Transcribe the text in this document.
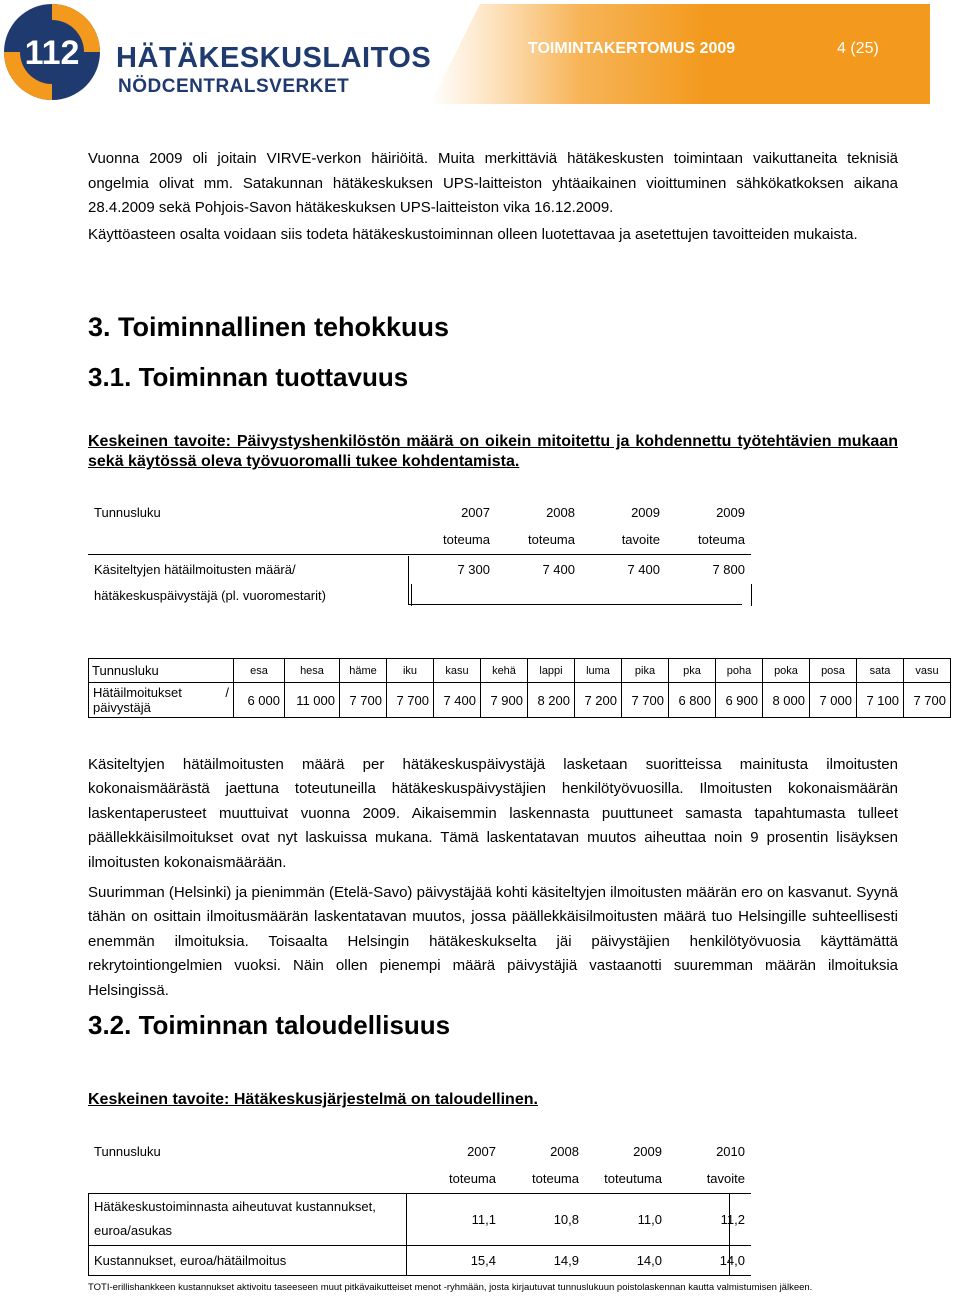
112 HÄTÄKESKUSLAITOS
NÖDCENTRALSVERKET
TOIMINTAKERTOMUS 2009	4 (25)

Vuonna 2009 oli joitain VIRVE-verkon häiriöitä. Muita merkittäviä hätäkeskusten toimintaan vaikuttaneita teknisiä ongelmia olivat mm. Satakunnan hätäkeskuksen UPS-laitteiston yhtäaikainen vioittuminen sähkökatkoksen aikana 28.4.2009 sekä Pohjois-Savon hätäkeskuksen UPS-laitteiston vika 16.12.2009.

Käyttöasteen osalta voidaan siis todeta hätäkeskustoiminnan olleen luotettavaa ja asetettujen tavoitteiden mukaista.

3. Toiminnallinen tehokkuus
3.1. Toiminnan tuottavuus

Keskeinen tavoite: Päivystyshenkilöstön määrä on oikein mitoitettu ja kohdennettu työtehtävien mukaan sekä käytössä oleva työvuoromalli tukee kohdentamista.

Tunnusluku	2007	2008	2009	2009
	toteuma	toteuma	tavoite	toteuma
Käsiteltyjen hätäilmoitusten määrä/	7 300	7 400	7 400	7 800
hätäkeskuspäivystäjä (pl. vuoromestarit)				
Tunnusluku	esa	hesa	häme	iku	kasu	kehä	lappi	luma	pika	pka	poha	poka	posa	sata	vasu

Hätäilmoitukset /
päivystäjä	6 000	11 000	7 700	7 700	7 400	7 900	8 200	7 200	7 700	6 800	6 900	8 000	7 000	7 100	7 700

Käsiteltyjen hätäilmoitusten määrä per hätäkeskuspäivystäjä lasketaan suoritteissa mainitusta ilmoitusten kokonaismäärästä jaettuna toteutuneilla hätäkeskuspäivystäjien henkilötyövuosilla. Ilmoitusten kokonaismäärän laskentaperusteet muuttuivat vuonna 2009. Aikaisemmin laskennasta puuttuneet samasta tapahtumasta tulleet päällekkäisilmoitukset ovat nyt laskuissa mukana. Tämä laskentatavan muutos aiheuttaa noin 9 prosentin lisäyksen ilmoitusten kokonaismäärään.

Suurimman (Helsinki) ja pienimmän (Etelä-Savo) päivystäjää kohti käsiteltyjen ilmoitusten määrän ero on kasvanut. Syynä tähän on osittain ilmoitusmäärän laskentatavan muutos, jossa päällekkäisilmoitusten määrä tuo Helsingille suhteellisesti enemmän ilmoituksia. Toisaalta Helsingin hätäkeskukselta jäi päivystäjien henkilötyövuosia käyttämättä rekrytointiongelmien vuoksi. Näin ollen pienempi määrä päivystäjiä vastaanotti suuremman määrän ilmoituksia Helsingissä.

3.2. Toiminnan taloudellisuus

Keskeinen tavoite: Hätäkeskusjärjestelmä on taloudellinen.

Tunnusluku	2007	2008	2009	2010
	toteuma	toteuma	toteutuma	tavoite

Hätäkeskustoiminnasta aiheutuvat kustannukset,
euroa/asukas	11,1	10,8	11,0	11,2
Kustannukset, euroa/hätäilmoitus	15,4	14,9	14,0	14,0
TOTI-erillishankkeen kustannukset aktivoitu taseeseen muut pitkävaikutteiset menot -ryhmään, josta kirjautuvat tunnuslukuun poistolaskennan kautta valmistumisen jälkeen.
